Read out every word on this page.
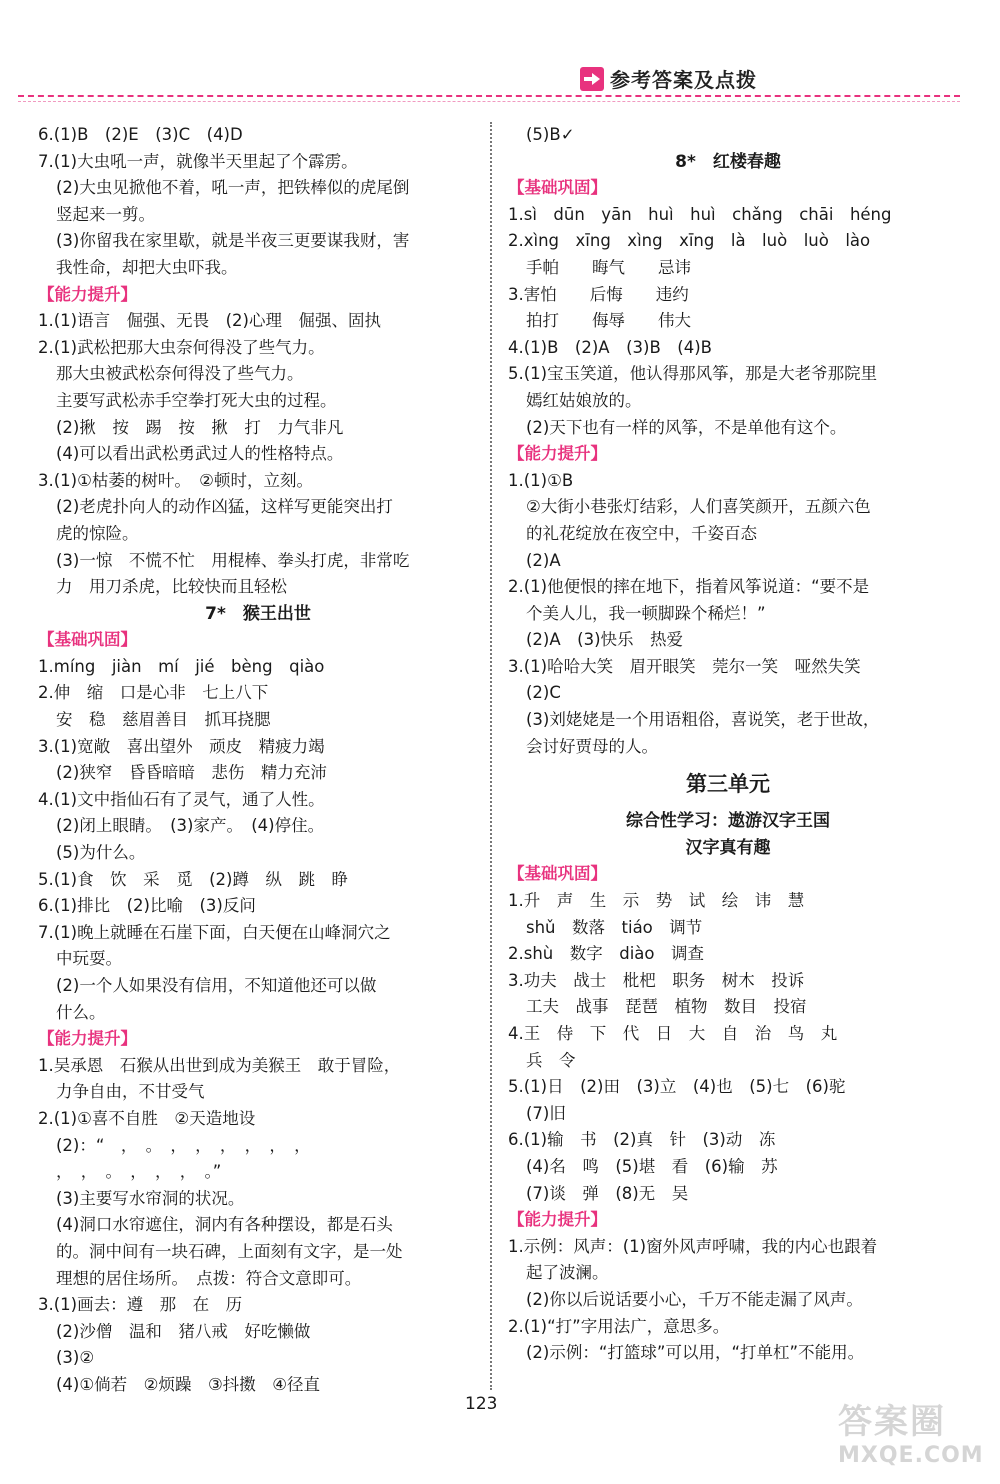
参考答案及点拨
6.(1)B　(2)E　(3)C　(4)D
7.(1)大虫吼一声，就像半天里起了个霹雳。
(2)大虫见掀他不着，吼一声，把铁棒似的虎尾倒
竖起来一剪。
(3)你留我在家里歇，就是半夜三更要谋我财，害
我性命，却把大虫吓我。
【能力提升】
1.(1)语言　倔强、无畏　(2)心理　倔强、固执
2.(1)武松把那大虫奈何得没了些气力。
那大虫被武松奈何得没了些气力。
主要写武松赤手空拳打死大虫的过程。
(2)揪　按　踢　按　揪　打　力气非凡
(4)可以看出武松勇武过人的性格特点。
3.(1)①枯萎的树叶。　②顿时，立刻。
(2)老虎扑向人的动作凶猛，这样写更能突出打
虎的惊险。
(3)一惊　不慌不忙　用棍棒、拳头打虎，非常吃
力　用刀杀虎，比较快而且轻松
7*　猴王出世
【基础巩固】
1.míng　jiàn　mí　jié　bèng　qiào
2.伸　缩　口是心非　七上八下
安　稳　慈眉善目　抓耳挠腮
3.(1)宽敞　喜出望外　顽皮　精疲力竭
(2)狭窄　昏昏暗暗　悲伤　精力充沛
4.(1)文中指仙石有了灵气，通了人性。
(2)闭上眼睛。　(3)家产。　(4)停住。
(5)为什么。
5.(1)食　饮　采　觅　(2)蹲　纵　跳　睁
6.(1)排比　(2)比喻　(3)反问
7.(1)晚上就睡在石崖下面，白天便在山峰洞穴之
中玩耍。
(2)一个人如果没有信用，不知道他还可以做
什么。
【能力提升】
1.吴承恩　石猴从出世到成为美猴王　敢于冒险，
力争自由，不甘受气
2.(1)①喜不自胜　②天造地设
(2)：“　，　。　，　，　，　，　，　，
，　，　。　，　，　，　。”
(3)主要写水帘洞的状况。
(4)洞口水帘遮住，洞内有各种摆设，都是石头
的。洞中间有一块石碑，上面刻有文字，是一处
理想的居住场所。　点拨：符合文意即可。
3.(1)画去：遵　那　在　历
(2)沙僧　温和　猪八戒　好吃懒做
(3)②
(4)①倘若　②烦躁　③抖擞　④径直
(5)B✓
8*　红楼春趣
【基础巩固】
1.sì　dūn　yān　huì　huì　chǎng　chāi　héng
2.xìng　xīng　xìng　xīng　là　luò　luò　lào
手帕　　晦气　　忌讳
3.害怕　　后悔　　违约
拍打　　侮辱　　伟大
4.(1)B　(2)A　(3)B　(4)B
5.(1)宝玉笑道，他认得那风筝，那是大老爷那院里
嫣红姑娘放的。
(2)天下也有一样的风筝，不是单他有这个。
【能力提升】
1.(1)①B
②大街小巷张灯结彩，人们喜笑颜开，五颜六色
的礼花绽放在夜空中，千姿百态
(2)A
2.(1)他便恨的摔在地下，指着风筝说道：“要不是
个美人儿，我一顿脚跺个稀烂！”
(2)A　(3)快乐　热爱
3.(1)哈哈大笑　眉开眼笑　莞尔一笑　哑然失笑
(2)C
(3)刘姥姥是一个用语粗俗，喜说笑，老于世故，
会讨好贾母的人。
第三单元
综合性学习：遨游汉字王国
汉字真有趣
【基础巩固】
1.升　声　生　示　势　试　绘　讳　慧
shǔ　数落　tiáo　调节
2.shù　数字　diào　调查
3.功夫　战士　枇杷　职务　树木　投诉
工夫　战事　琵琶　植物　数目　投宿
4.王　侍　下　代　日　大　自　治　鸟　丸
兵　令
5.(1)日　(2)田　(3)立　(4)也　(5)七　(6)驼
(7)旧
6.(1)输　书　(2)真　针　(3)动　冻
(4)名　鸣　(5)堪　看　(6)输　苏
(7)谈　弹　(8)无　吴
【能力提升】
1.示例：风声：(1)窗外风声呼啸，我的内心也跟着
起了波澜。
(2)你以后说话要小心，千万不能走漏了风声。
2.(1)“打”字用法广，意思多。
(2)示例：“打篮球”可以用，“打单杠”不能用。
123	答案圈
MXQE.COM
